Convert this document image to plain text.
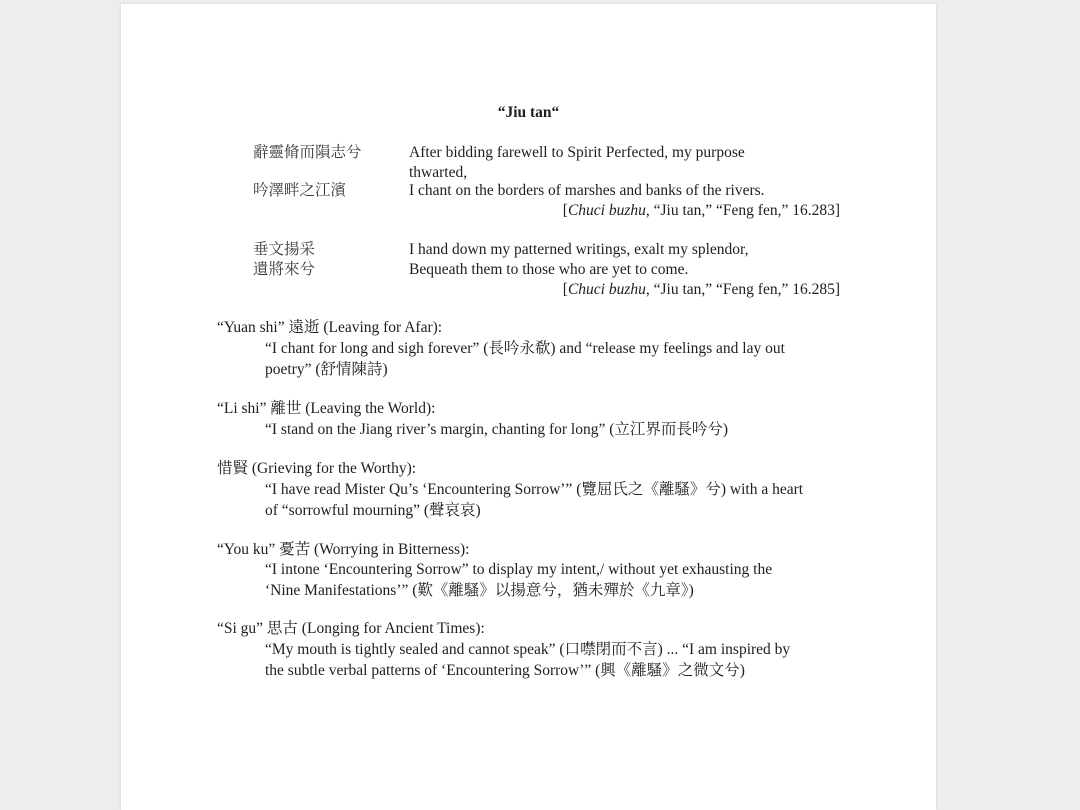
“Jiu tan“
辭靈脩而隕志兮	After bidding farewell to Spirit Perfected, my purpose
thwarted,
吟澤畔之江濱	I chant on the borders of marshes and banks of the rivers.
[Chuci buzhu, “Jiu tan,” “Feng fen,” 16.283]
垂文揚采	I hand down my patterned writings, exalt my splendor,
遺將來兮	Bequeath them to those who are yet to come.
[Chuci buzhu, “Jiu tan,” “Feng fen,” 16.285]
“Yuan shi” 遠逝 (Leaving for Afar):
“I chant for long and sigh forever” (長吟永欷) and “release my feelings and lay out
poetry” (舒情陳詩)
“Li shi” 離世 (Leaving the World):
“I stand on the Jiang river’s margin, chanting for long” (立江界而長吟兮)
惜賢 (Grieving for the Worthy):
“I have read Mister Qu’s ‘Encountering Sorrow’” (覽屈氏之《離騷》兮) with a heart
of “sorrowful mourning” (聲哀哀)
“You ku” 憂苦 (Worrying in Bitterness):
“I intone ‘Encountering Sorrow” to display my intent,/ without yet exhausting the
‘Nine Manifestations’” (歎《離騷》以揚意兮，猶未殫於《九章》)
“Si gu” 思古 (Longing for Ancient Times):
“My mouth is tightly sealed and cannot speak” (口噤閉而不言) ... “I am inspired by
the subtle verbal patterns of ‘Encountering Sorrow’” (興《離騷》之微文兮)
